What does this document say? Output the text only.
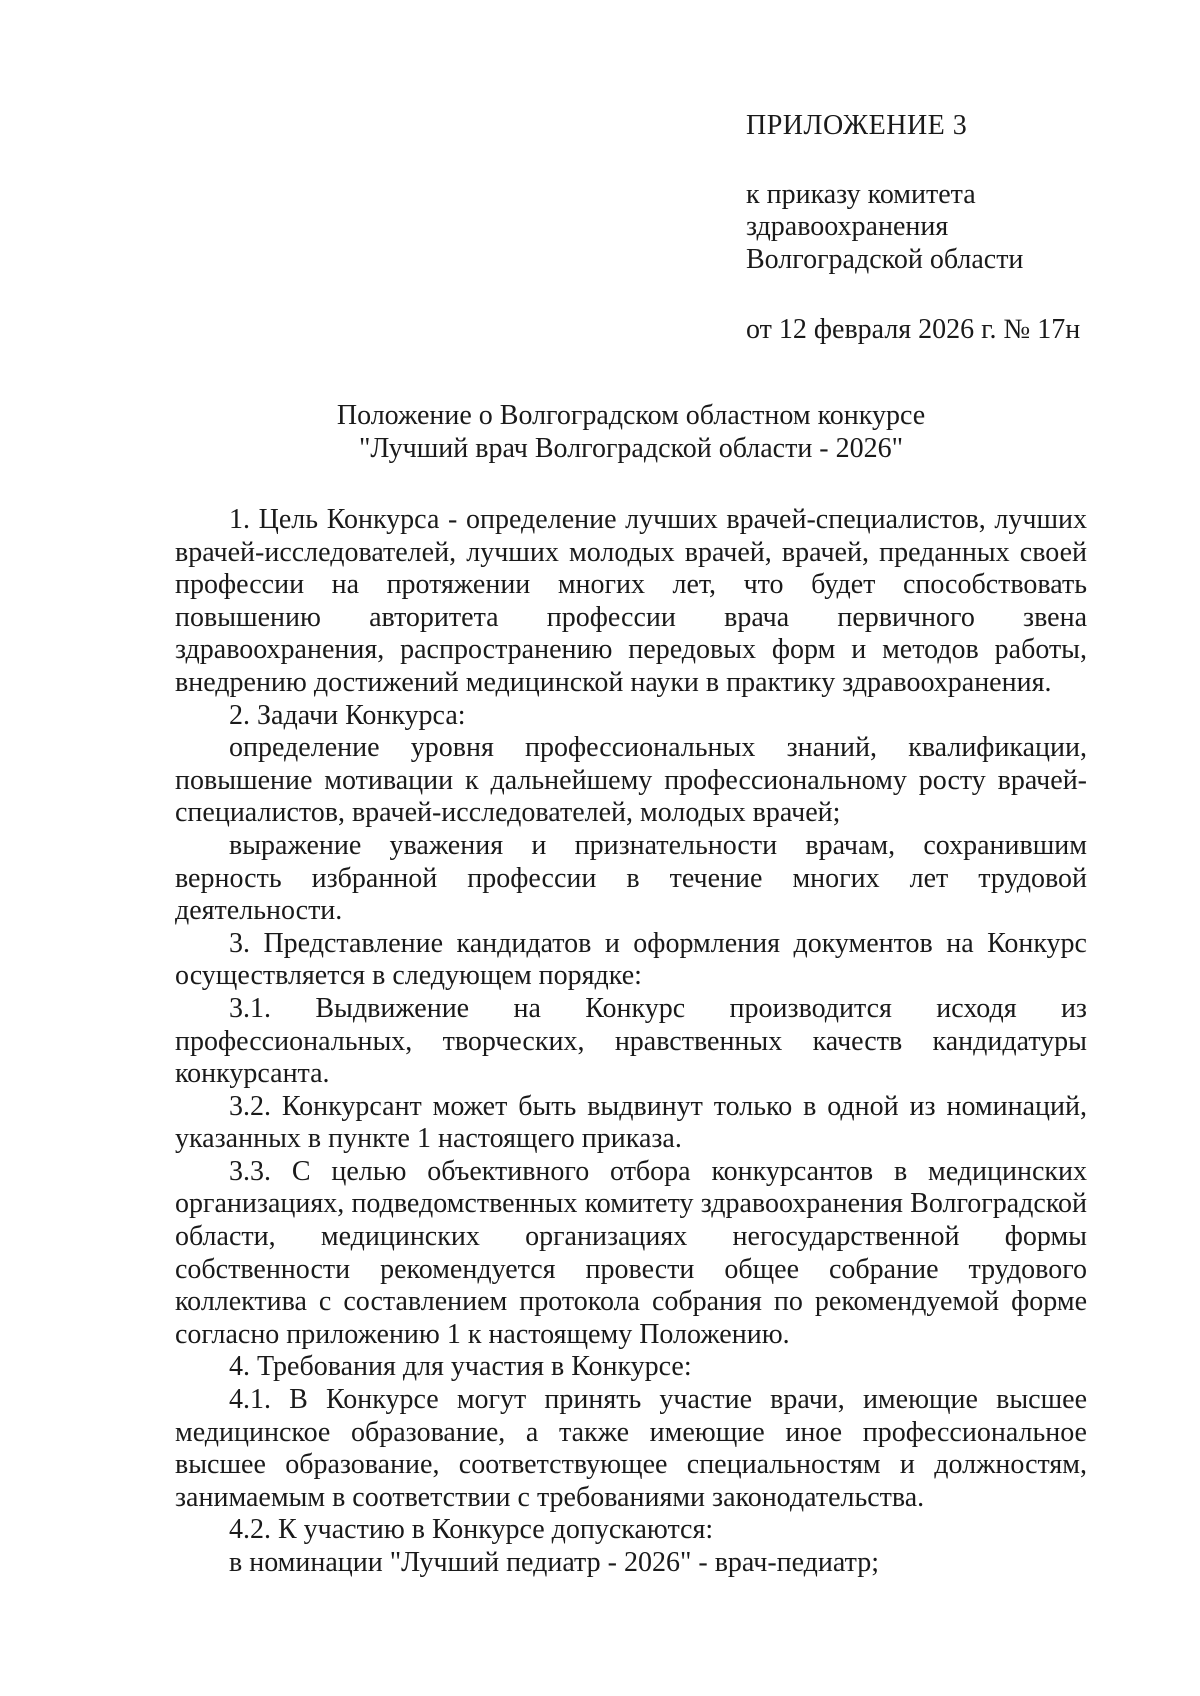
ПРИЛОЖЕНИЕ 3
к приказу комитета
здравоохранения
Волгоградской области
от 12 февраля 2026 г. № 17н
Положение о Волгоградском областном конкурсе
"Лучший врач Волгоградской области - 2026"

1. Цель Конкурса - определение лучших врачей-специалистов, лучших врачей-исследователей, лучших молодых врачей, врачей, преданных своей профессии на протяжении многих лет, что будет способствовать повышению авторитета профессии врача первичного звена здравоохранения, распространению передовых форм и методов работы, внедрению достижений медицинской науки в практику здравоохранения.

2. Задачи Конкурса:

определение уровня профессиональных знаний, квалификации, повышение мотивации к дальнейшему профессиональному росту врачей-специалистов, врачей-исследователей, молодых врачей;

выражение уважения и признательности врачам, сохранившим верность избранной профессии в течение многих лет трудовой деятельности.

3. Представление кандидатов и оформления документов на Конкурс осуществляется в следующем порядке:

3.1. Выдвижение на Конкурс производится исходя из профессиональных, творческих, нравственных качеств кандидатуры конкурсанта.

3.2. Конкурсант может быть выдвинут только в одной из номинаций, указанных в пункте 1 настоящего приказа.

3.3. С целью объективного отбора конкурсантов в медицинских организациях, подведомственных комитету здравоохранения Волгоградской области, медицинских организациях негосударственной формы собственности рекомендуется провести общее собрание трудового коллектива с составлением протокола собрания по рекомендуемой форме согласно приложению 1 к настоящему Положению.

4. Требования для участия в Конкурсе:

4.1. В Конкурсе могут принять участие врачи, имеющие высшее медицинское образование, а также имеющие иное профессиональное высшее образование, соответствующее специальностям и должностям, занимаемым в соответствии с требованиями законодательства.

4.2. К участию в Конкурсе допускаются:

в номинации "Лучший педиатр - 2026" - врач-педиатр;
